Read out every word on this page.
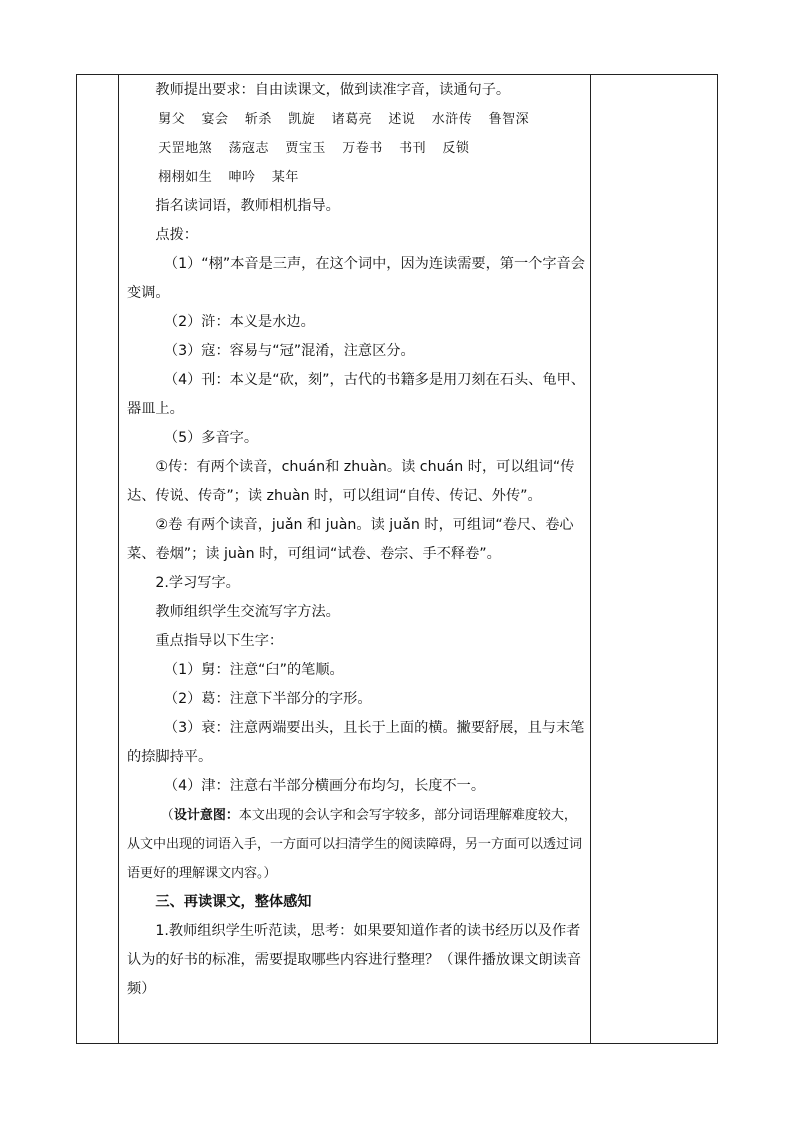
教师提出要求：自由读课文，做到读准字音，读通句子。

舅父 宴会 斩杀 凯旋 诸葛亮 述说 水浒传 鲁智深
天罡地煞 荡寇志 贾宝玉 万卷书 书刊 反锁
栩栩如生 呻吟 某年

指名读词语，教师相机指导。

点拨：

（1）“栩”本音是三声，在这个词中，因为连读需要，第一个字音会变调。

（2）浒：本义是水边。

（3）寇：容易与“冠”混淆，注意区分。

（4）刊：本义是“砍，刻”，古代的书籍多是用刀刻在石头、龟甲、器皿上。

（5）多音字。

①传：有两个读音，chuán和 zhuàn。读 chuán 时，可以组词“传达、传说、传奇”；读 zhuàn 时，可以组词“自传、传记、外传”。

②卷 有两个读音，juǎn 和 juàn。读 juǎn 时，可组词“卷尺、卷心菜、卷烟”；读 juàn 时，可组词“试卷、卷宗、手不释卷”。

2.学习写字。

教师组织学生交流写字方法。

重点指导以下生字：

（1）舅：注意“臼”的笔顺。

（2）葛：注意下半部分的字形。

（3）衰：注意两端要出头，且长于上面的横。撇要舒展，且与末笔的捺脚持平。

（4）津：注意右半部分横画分布均匀，长度不一。

（设计意图：本文出现的会认字和会写字较多，部分词语理解难度较大，从文中出现的词语入手，一方面可以扫清学生的阅读障碍，另一方面可以透过词语更好的理解课文内容。）

三、再读课文，整体感知

1.教师组织学生听范读，思考：如果要知道作者的读书经历以及作者认为的好书的标准，需要提取哪些内容进行整理？（课件播放课文朗读音频）
